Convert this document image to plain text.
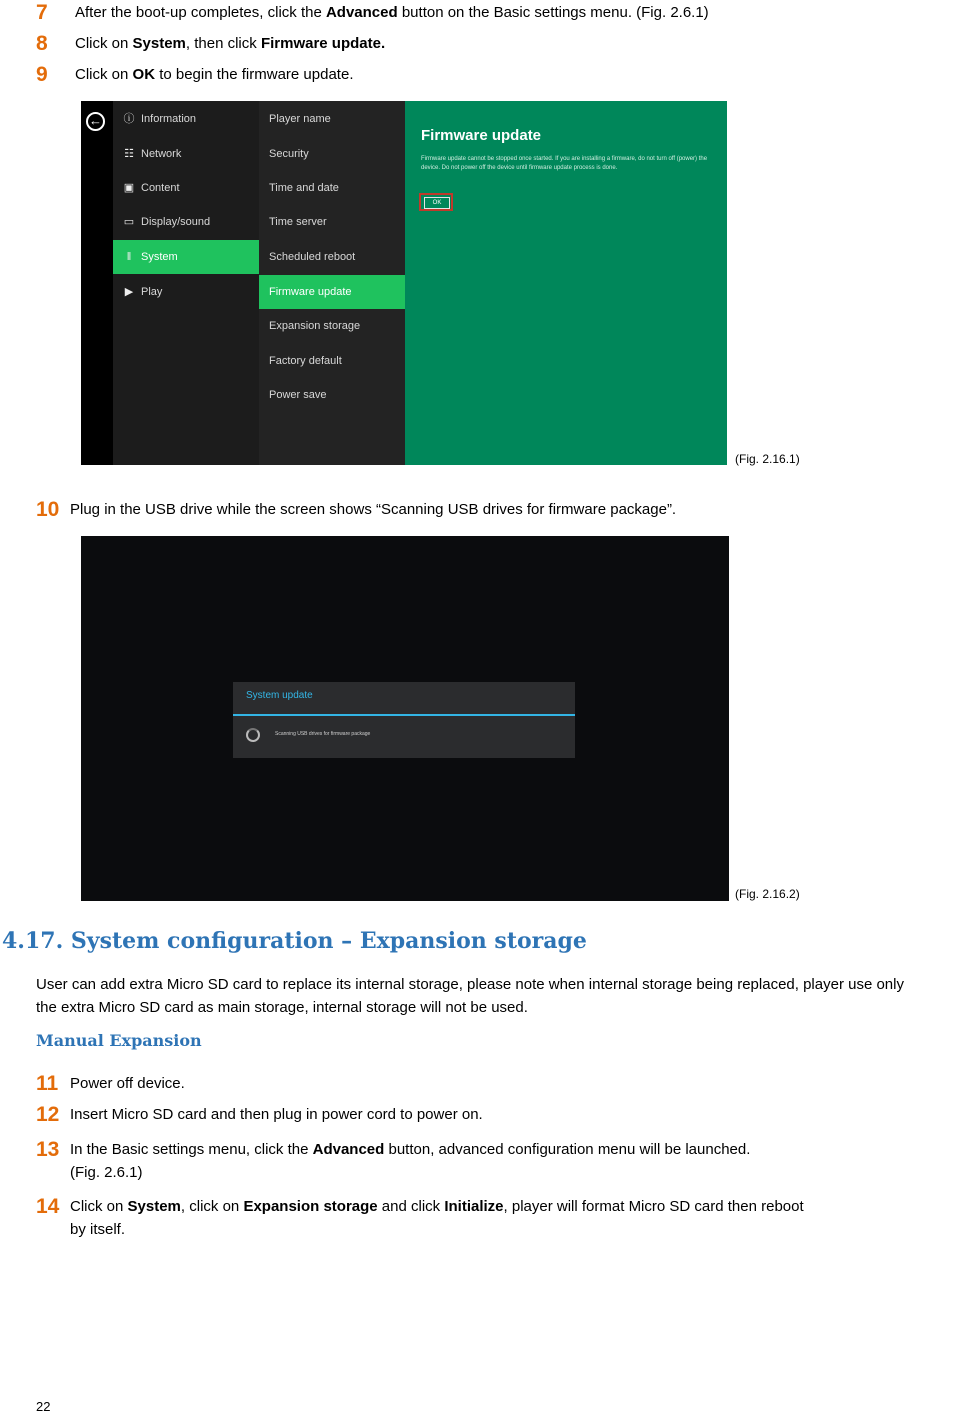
7 After the boot-up completes, click the Advanced button on the Basic settings menu. (Fig. 2.6.1)
8 Click on System, then click Firmware update.
9 Click on OK to begin the firmware update.
←	ⓘ Information
☷ Network
▣ Content
▭ Display/sound
‖ System
▶ Play
Player name
Security
Time and date
Time server
Scheduled reboot
Firmware update
Expansion storage
Factory default
Power save
Firmware update
Firmware update cannot be stopped once started. If you are installing a firmware, do not turn off (power) the device. Do not power off the device until firmware update process is done.
OK
(Fig. 2.16.1)
10 Plug in the USB drive while the screen shows “Scanning USB drives for firmware package”.
System update
Scanning USB drives for firmware package
(Fig. 2.16.2)
4.17. System configuration – Expansion storage
User can add extra Micro SD card to replace its internal storage, please note when internal storage being replaced, player use only the extra Micro SD card as main storage, internal storage will not be used.
Manual Expansion
11 Power off device.
12 Insert Micro SD card and then plug in power cord to power on.
13 In the Basic settings menu, click the Advanced button, advanced configuration menu will be launched.
(Fig. 2.6.1)
14 Click on System, click on Expansion storage and click Initialize, player will format Micro SD card then reboot
by itself.
22
